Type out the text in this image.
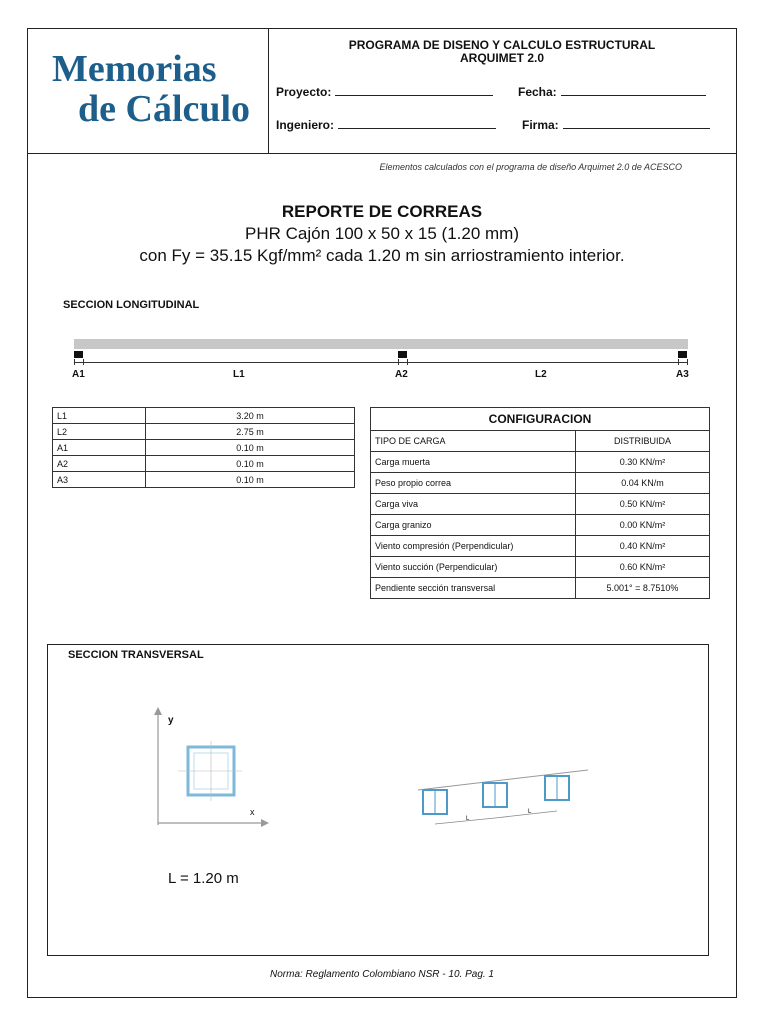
Memorias
de Cálculo
PROGRAMA DE DISENO Y CALCULO ESTRUCTURAL
ARQUIMET 2.0
Proyecto:	Fecha:
Ingeniero:	Firma:
Elementos calculados con el programa de diseño Arquimet 2.0 de ACESCO
REPORTE DE CORREAS
PHR Cajón 100 x 50 x 15 (1.20 mm)
con Fy = 35.15 Kgf/mm² cada 1.20 m sin arriostramiento interior.
SECCION LONGITUDINAL
A1	L1	A2	L2	A3
L1	3.20 m
L2	2.75 m
A1	0.10 m
A2	0.10 m
A3	0.10 m
CONFIGURACION	
TIPO DE CARGA	DISTRIBUIDA
Carga muerta	0.30 KN/m²
Peso propio correa	0.04 KN/m
Carga viva	0.50 KN/m²
Carga granizo	0.00 KN/m²
Viento compresión (Perpendicular)	0.40 KN/m²
Viento succión (Perpendicular)	0.60 KN/m²
Pendiente sección transversal	5.001° = 8.7510%
SECCION TRANSVERSAL
y
x
L
L
L = 1.20 m
Norma: Reglamento Colombiano NSR - 10. Pag. 1
